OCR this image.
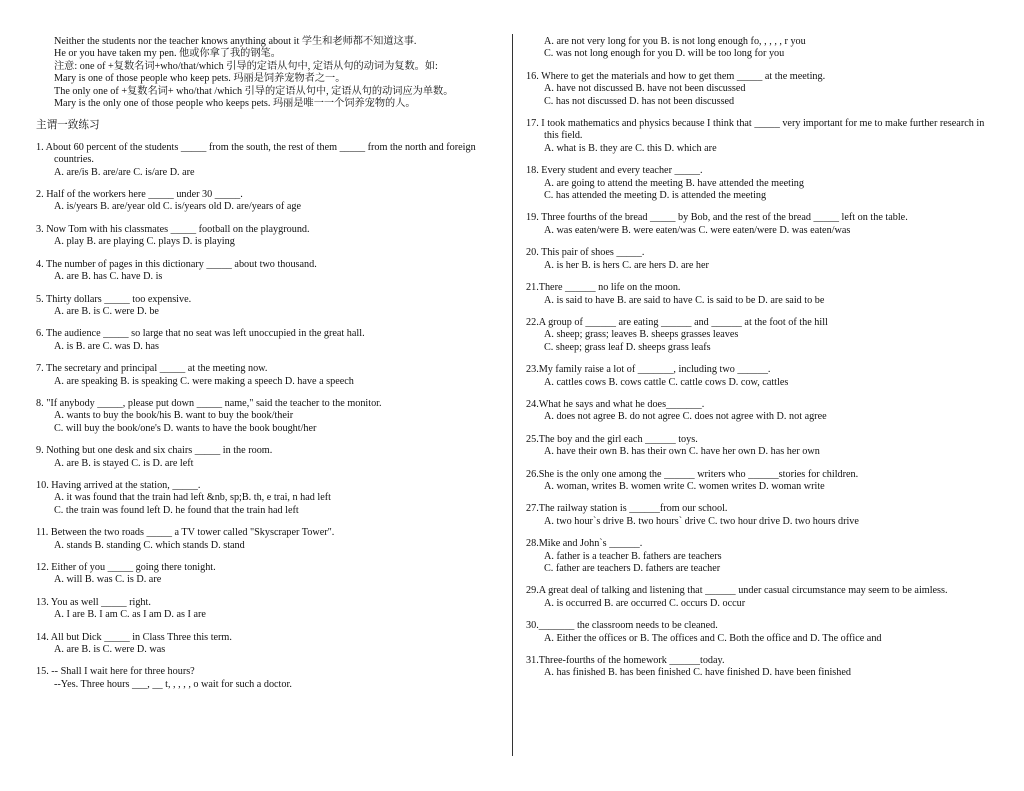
Neither the students nor the teacher knows anything about it 学生和老师都不知道这事.
He or you have taken my pen. 他或你拿了我的钢笔。
注意: one of +复数名词+who/that/which 引导的定语从句中, 定语从句的动词为复数。如:
Mary is one of those people who keep pets. 玛丽是饲养宠物者之一。
The only one of +复数名词+ who/that /which 引导的定语从句中, 定语从句的动词应为单数。
Mary is the only one of those people who keeps pets. 玛丽是唯一一个饲养宠物的人。
主谓一致练习
1. About 60 percent of the students _____ from the south, the rest of them _____ from the north and foreign countries.
A. are/is B. are/are C. is/are D. are
2. Half of the workers here _____ under 30 _____.
A. is/years B. are/year old C. is/years old D. are/years of age
3. Now Tom with his classmates _____ football on the playground.
A. play B. are playing C. plays D. is playing
4. The number of pages in this dictionary _____ about two thousand.
A. are B. has C. have D. is
5. Thirty dollars _____ too expensive.
A. are B. is C. were D. be
6. The audience _____ so large that no seat was left unoccupied in the great hall.
A. is B. are C. was D. has
7. The secretary and principal _____ at the meeting now.
A. are speaking B. is speaking C. were making a speech D. have a speech
8. "If anybody _____, please put down _____ name," said the teacher to the monitor.
A. wants to buy the book/his B. want to buy the book/their
C. will buy the book/one's D. wants to have the book bought/her
9. Nothing but one desk and six chairs _____ in the room.
A. are B. is stayed C. is D. are left
10. Having arrived at the station, _____.
A. it was found that the train had left &nb, sp;B. th, e trai, n had left
C. the train was found left D. he found that the train had left
11. Between the two roads _____ a TV tower called "Skyscraper Tower".
A. stands B. standing C. which stands D. stand
12. Either of you _____ going there tonight.
A. will B. was C. is D. are
13. You as well _____ right.
A. I are B. I am C. as I am D. as I are
14. All but Dick _____ in Class Three this term.
A. are B. is C. were D. was
15. -- Shall I wait here for three hours?
--Yes. Three hours ___, __ t, , , , , o wait for such a doctor.
A. are not very long for you B. is not long enough fo, , , , , r you
C. was not long enough for you D. will be too long for you
16. Where to get the materials and how to get them _____ at the meeting.
A. have not discussed B. have not been discussed
C. has not discussed D. has not been discussed
17. I took mathematics and physics because I think that _____ very important for me to make further research in this field.
A. what is B. they are C. this D. which are
18. Every student and every teacher _____.
A. are going to attend the meeting B. have attended the meeting
C. has attended the meeting D. is attended the meeting
19. Three fourths of the bread _____ by Bob, and the rest of the bread _____ left on the table.
A. was eaten/were B. were eaten/was C. were eaten/were D. was eaten/was
20. This pair of shoes _____.
A. is her B. is hers C. are hers D. are her
21.There ______ no life on the moon.
A. is said to have B. are said to have C. is said to be D. are said to be
22.A group of ______ are eating ______ and ______ at the foot of the hill
A. sheep; grass; leaves B. sheeps grasses leaves
C. sheep; grass leaf D. sheeps grass leafs
23.My family raise a lot of _______, including two ______.
A. cattles cows B. cows cattle C. cattle cows D. cow, cattles
24.What he says and what he does_______.
A. does not agree B. do not agree C. does not agree with D. not agree
25.The boy and the girl each ______ toys.
A. have their own B. has their own C. have her own D. has her own
26.She is the only one among the ______ writers who ______stories for children.
A. woman, writes B. women write C. women writes D. woman write
27.The railway station is ______from our school.
A. two hour`s drive B. two hours` drive C. two hour drive D. two hours drive
28.Mike and John`s ______.
A. father is a teacher B. fathers are teachers
C. father are teachers D. fathers are teacher
29.A great deal of talking and listening that ______ under casual circumstance may seem to be aimless.
A. is occurred B. are occurred C. occurs D. occur
30._______ the classroom needs to be cleaned.
A. Either the offices or B. The offices and C. Both the office and D. The office and
31.Three-fourths of the homework ______today.
A. has finished B. has been finished C. have finished D. have been finished
